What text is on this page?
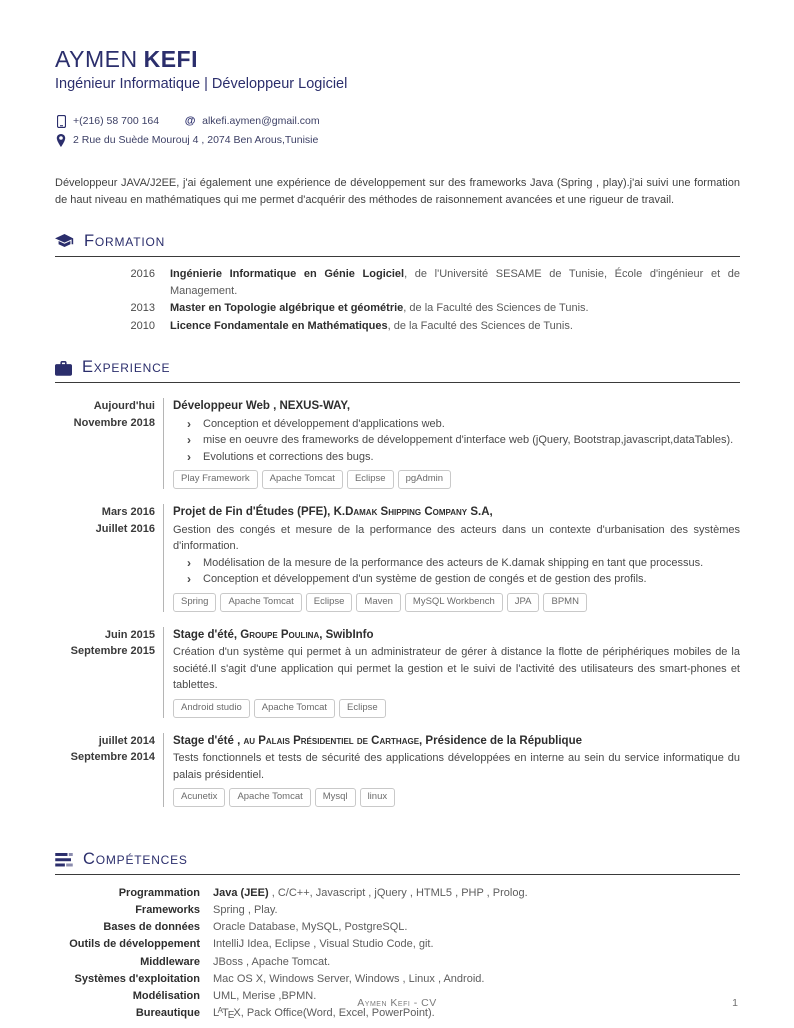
AYMEN KEFI
Ingénieur Informatique | Développeur Logiciel
+(216) 58 700 164 @ alkefi.aymen@gmail.com
2 Rue du Suède Mourouj 4 , 2074 Ben Arous,Tunisie

Développeur JAVA/J2EE, j'ai également une expérience de développement sur des frameworks Java (Spring , play).j'ai suivi une formation de haut niveau en mathématiques qui me permet d'acquérir des méthodes de raisonnement avancées et une rigueur de travail.

Formation
2016 Ingénierie Informatique en Génie Logiciel, de l'Université SESAME de Tunisie, École d'ingénieur et de Management.
2013 Master en Topologie algébrique et géométrie, de la Faculté des Sciences de Tunis.
2010 Licence Fondamentale en Mathématiques, de la Faculté des Sciences de Tunis.
Experience
Aujourd'hui
Novembre 2018
Développeur Web , NEXUS-WAY,
› Conception et développement d'applications web.
› mise en oeuvre des frameworks de développement d'interface web (jQuery, Bootstrap,javascript,dataTables).
› Evolutions et corrections des bugs.
Play Framework Apache Tomcat Eclipse pgAdmin
Mars 2016
Juillet 2016
Projet de Fin d'Études (PFE), K.Damak Shipping Company S.A,
Gestion des congés et mesure de la performance des acteurs dans un contexte d'urbanisation des systèmes d'information.
› Modélisation de la mesure de la performance des acteurs de K.damak shipping en tant que processus.
› Conception et développement d'un système de gestion de congés et de gestion des profils.
Spring Apache Tomcat Eclipse Maven MySQL Workbench JPA BPMN
Juin 2015
Septembre 2015
Stage d'été, Groupe Poulina, SwibInfo
Création d'un système qui permet à un administrateur de gérer à distance la flotte de périphériques mobiles de la société.Il s'agit d'une application qui permet la gestion et le suivi de l'activité des utilisateurs des smart-phones et tablettes.
Android studio Apache Tomcat Eclipse
juillet 2014
Septembre 2014
Stage d'été , au Palais Présidentiel de Carthage, Présidence de la République
Tests fonctionnels et tests de sécurité des applications développées en interne au sein du service informatique du palais présidentiel.
Acunetix Apache Tomcat Mysql linux
Compétences
Programmation Java (JEE) , C/C++, Javascript , jQuery , HTML5 , PHP , Prolog.
Frameworks Spring , Play.
Bases de données Oracle Database, MySQL, PostgreSQL.
Outils de développement IntelliJ Idea, Eclipse , Visual Studio Code, git.
Middleware JBoss , Apache Tomcat.
Systèmes d'exploitation Mac OS X, Windows Server, Windows , Linux , Android.
Modélisation UML, Merise ,BPMN.
Bureautique LATEX, Pack Office(Word, Excel, PowerPoint).
Aymen Kefi - CV	1
